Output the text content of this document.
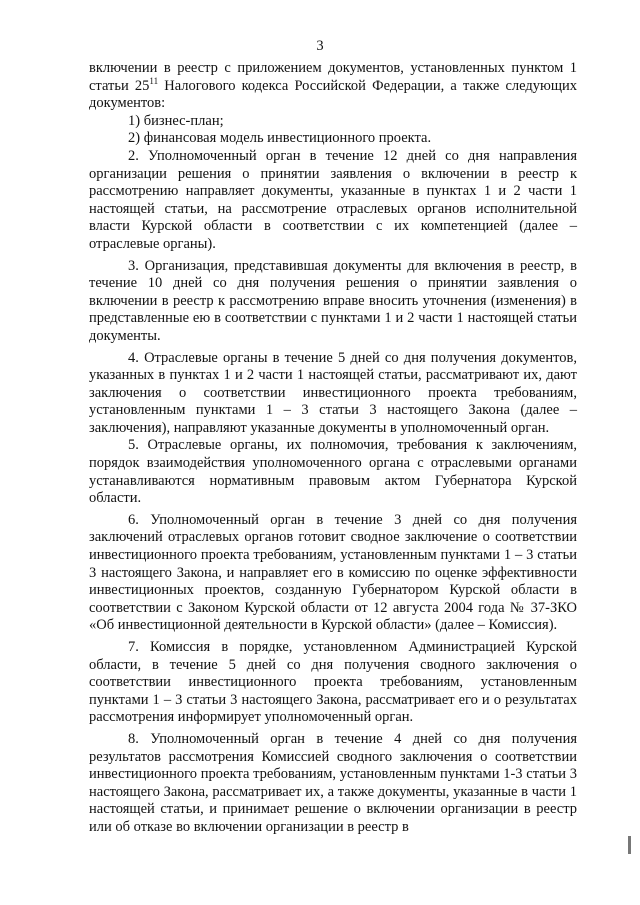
3

включении в реестр с приложением документов, установленных пунктом 1 статьи $25^{11}$ Налогового кодекса Российской Федерации, а также следующих документов:

1) бизнес-план;

2) финансовая модель инвестиционного проекта.

2. Уполномоченный орган в течение 12 дней со дня направления организации решения о принятии заявления о включении в реестр к рассмотрению направляет документы, указанные в пунктах 1 и 2 части 1 настоящей статьи, на рассмотрение отраслевых органов исполнительной власти Курской области в соответствии с их компетенцией (далее – отраслевые органы).

3. Организация, представившая документы для включения в реестр, в течение 10 дней со дня получения решения о принятии заявления о включении в реестр к рассмотрению вправе вносить уточнения (изменения) в представленные ею в соответствии с пунктами 1 и 2 части 1 настоящей статьи документы.

4. Отраслевые органы в течение 5 дней со дня получения документов, указанных в пунктах 1 и 2 части 1 настоящей статьи, рассматривают их, дают заключения о соответствии инвестиционного проекта требованиям, установленным пунктами 1 – 3 статьи 3 настоящего Закона (далее – заключения), направляют указанные документы в уполномоченный орган.

5. Отраслевые органы, их полномочия, требования к заключениям, порядок взаимодействия уполномоченного органа с отраслевыми органами устанавливаются нормативным правовым актом Губернатора Курской области.

6. Уполномоченный орган в течение 3 дней со дня получения заключений отраслевых органов готовит сводное заключение о соответствии инвестиционного проекта требованиям, установленным пунктами 1 – 3 статьи 3 настоящего Закона, и направляет его в комиссию по оценке эффективности инвестиционных проектов, созданную Губернатором Курской области в соответствии с Законом Курской области от 12 августа 2004 года № 37-ЗКО «Об инвестиционной деятельности в Курской области» (далее – Комиссия).

7. Комиссия в порядке, установленном Администрацией Курской области, в течение 5 дней со дня получения сводного заключения о соответствии инвестиционного проекта требованиям, установленным пунктами 1 – 3 статьи 3 настоящего Закона, рассматривает его и о результатах рассмотрения информирует уполномоченный орган.

8. Уполномоченный орган в течение 4 дней со дня получения результатов рассмотрения Комиссией сводного заключения о соответствии инвестиционного проекта требованиям, установленным пунктами 1-3 статьи 3 настоящего Закона, рассматривает их, а также документы, указанные в части 1 настоящей статьи, и принимает решение о включении организации в реестр или об отказе во включении организации в реестр в
